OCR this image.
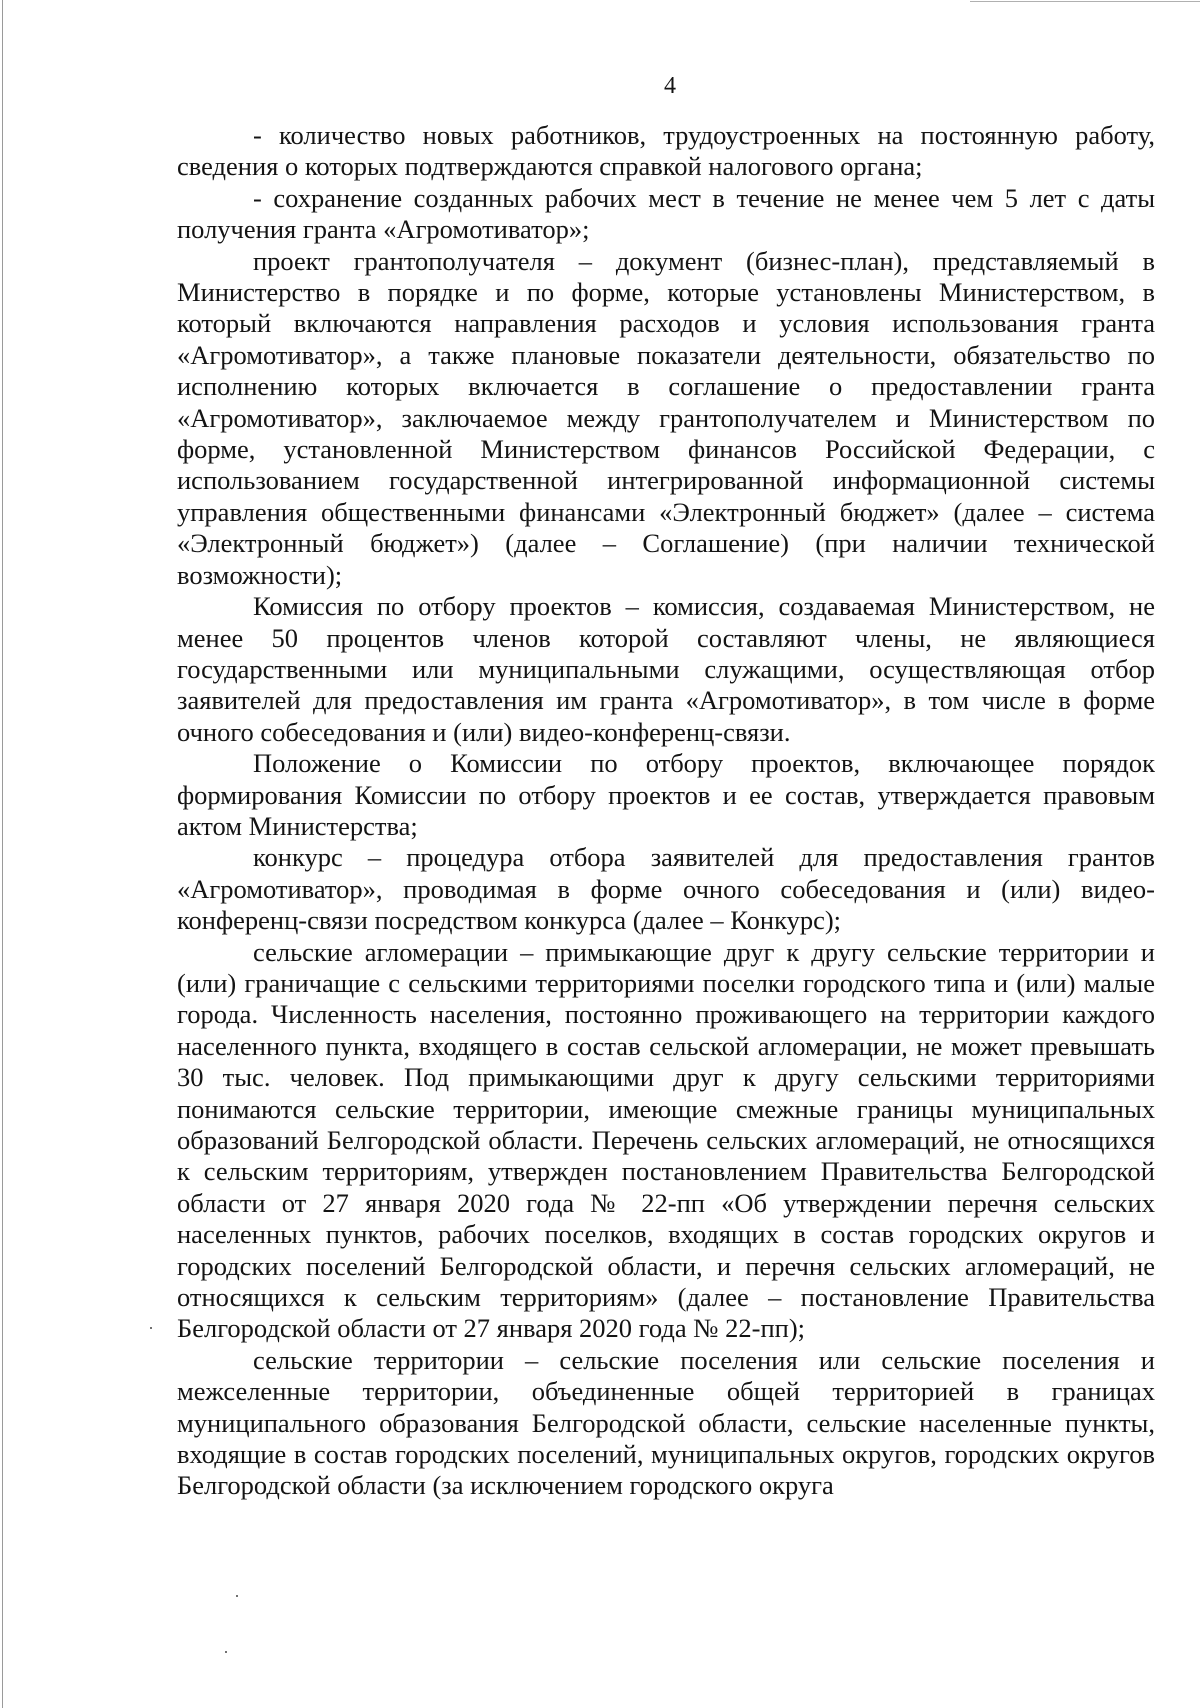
4

- количество новых работников, трудоустроенных на постоянную работу, сведения о которых подтверждаются справкой налогового органа;

- сохранение созданных рабочих мест в течение не менее чем 5 лет с даты получения гранта «Агромотиватор»;

проект грантополучателя – документ (бизнес-план), представляемый в Министерство в порядке и по форме, которые установлены Министерством, в который включаются направления расходов и условия использования гранта «Агромотиватор», а также плановые показатели деятельности, обязательство по исполнению которых включается в соглашение о предоставлении гранта «Агромотиватор», заключаемое между грантополучателем и Министерством по форме, установленной Министерством финансов Российской Федерации, с использованием государственной интегрированной информационной системы управления общественными финансами «Электронный бюджет» (далее – система «Электронный бюджет») (далее – Соглашение) (при наличии технической возможности);

Комиссия по отбору проектов – комиссия, создаваемая Министерством, не менее 50 процентов членов которой составляют члены, не являющиеся государственными или муниципальными служащими, осуществляющая отбор заявителей для предоставления им гранта «Агромотиватор», в том числе в форме очного собеседования и (или) видео-конференц-связи.

Положение о Комиссии по отбору проектов, включающее порядок формирования Комиссии по отбору проектов и ее состав, утверждается правовым актом Министерства;

конкурс – процедура отбора заявителей для предоставления грантов «Агромотиватор», проводимая в форме очного собеседования и (или) видео-конференц-связи посредством конкурса (далее – Конкурс);

сельские агломерации – примыкающие друг к другу сельские территории и (или) граничащие с сельскими территориями поселки городского типа и (или) малые города. Численность населения, постоянно проживающего на территории каждого населенного пункта, входящего в состав сельской агломерации, не может превышать 30 тыс. человек. Под примыкающими друг к другу сельскими территориями понимаются сельские территории, имеющие смежные границы муниципальных образований Белгородской области. Перечень сельских агломераций, не относящихся к сельским территориям, утвержден постановлением Правительства Белгородской области от 27 января 2020 года № 22-пп «Об утверждении перечня сельских населенных пунктов, рабочих поселков, входящих в состав городских округов и городских поселений Белгородской области, и перечня сельских агломераций, не относящихся к сельским территориям» (далее – постановление Правительства Белгородской области от 27 января 2020 года № 22-пп);

сельские территории – сельские поселения или сельские поселения и межселенные территории, объединенные общей территорией в границах муниципального образования Белгородской области, сельские населенные пункты, входящие в состав городских поселений, муниципальных округов, городских округов Белгородской области (за исключением городского округа
